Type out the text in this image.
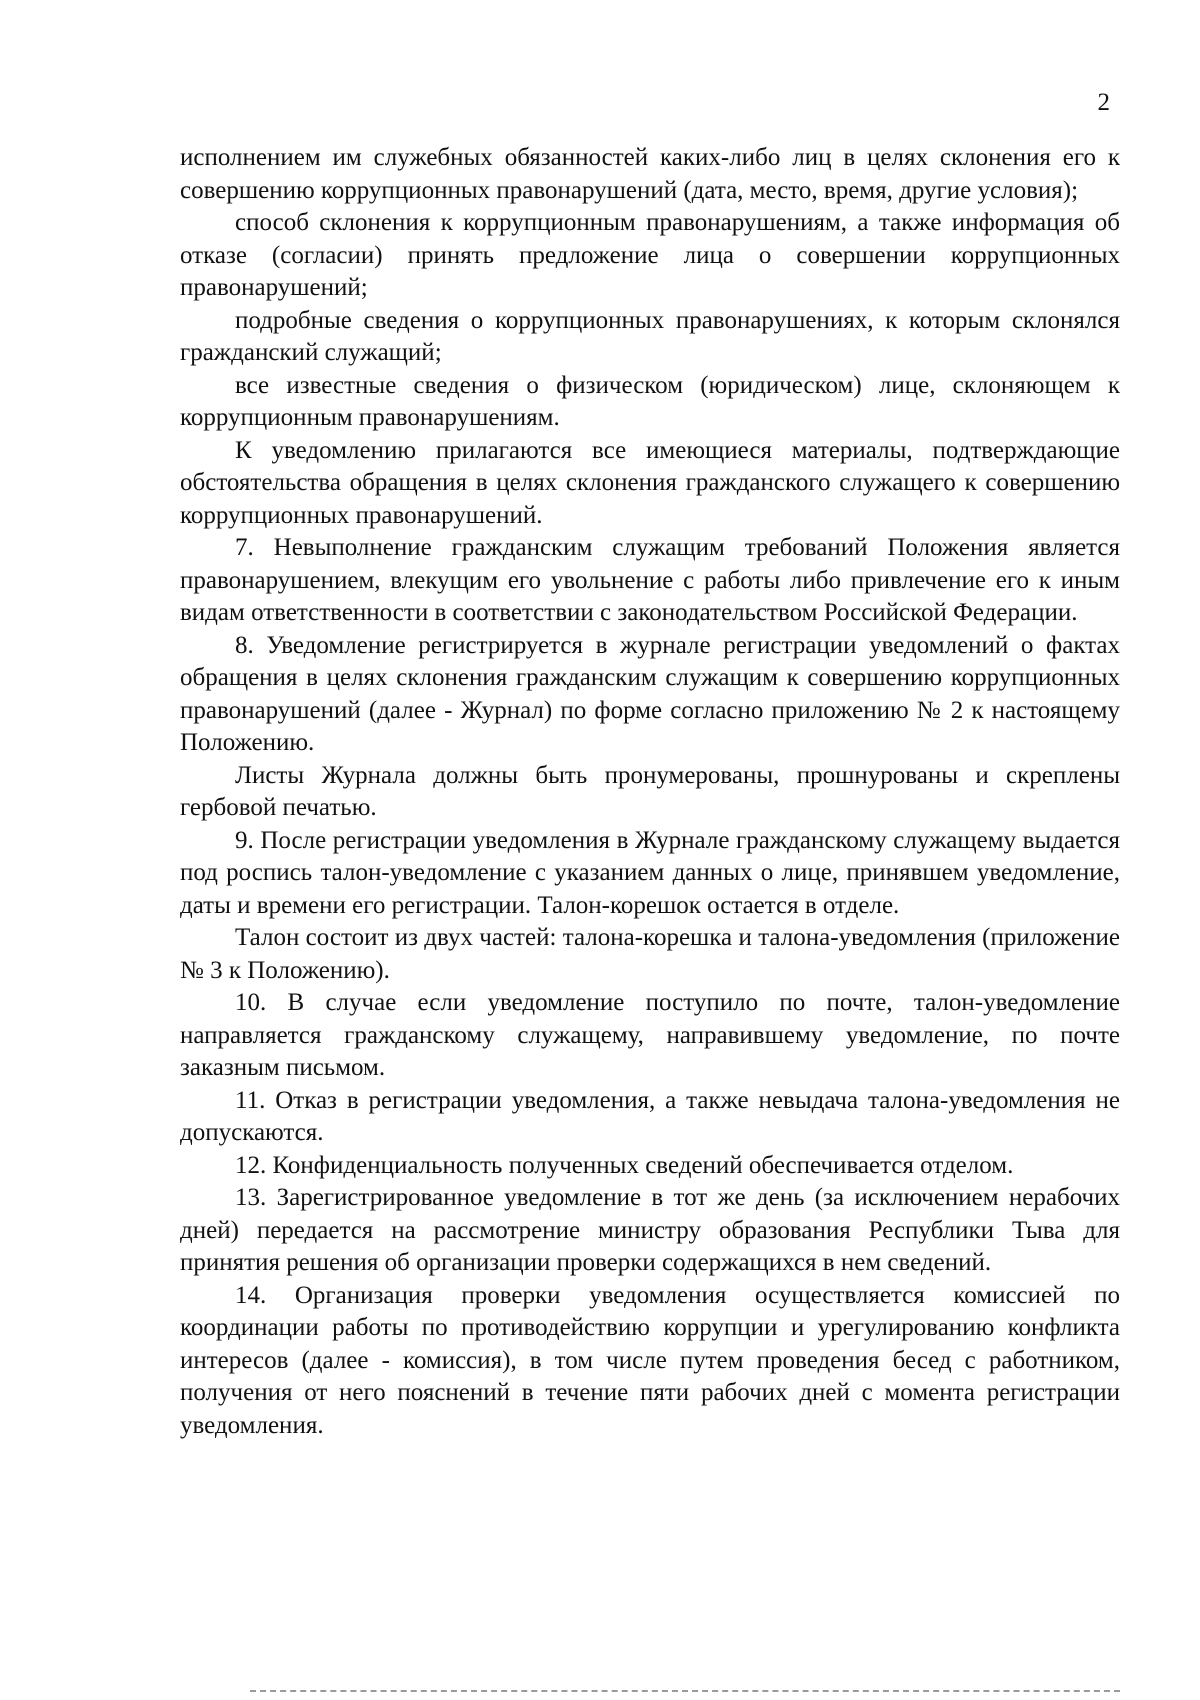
2

исполнением им служебных обязанностей каких-либо лиц в целях склонения его к совершению коррупционных правонарушений (дата, место, время, другие условия);

способ склонения к коррупционным правонарушениям, а также информация об отказе (согласии) принять предложение лица о совершении коррупционных правонарушений;

подробные сведения о коррупционных правонарушениях, к которым склонялся гражданский служащий;

все известные сведения о физическом (юридическом) лице, склоняющем к коррупционным правонарушениям.

К уведомлению прилагаются все имеющиеся материалы, подтверждающие обстоятельства обращения в целях склонения гражданского служащего к совершению коррупционных правонарушений.

7. Невыполнение гражданским служащим требований Положения является правонарушением, влекущим его увольнение с работы либо привлечение его к иным видам ответственности в соответствии с законодательством Российской Федерации.

8. Уведомление регистрируется в журнале регистрации уведомлений о фактах обращения в целях склонения гражданским служащим к совершению коррупционных правонарушений (далее - Журнал) по форме согласно приложению № 2 к настоящему Положению.

Листы Журнала должны быть пронумерованы, прошнурованы и скреплены гербовой печатью.

9. После регистрации уведомления в Журнале гражданскому служащему выдается под роспись талон-уведомление с указанием данных о лице, принявшем уведомление, даты и времени его регистрации. Талон-корешок остается в отделе.

Талон состоит из двух частей: талона-корешка и талона-уведомления (приложение № 3 к Положению).

10. В случае если уведомление поступило по почте, талон-уведомление направляется гражданскому служащему, направившему уведомление, по почте заказным письмом.

11. Отказ в регистрации уведомления, а также невыдача талона-уведомления не допускаются.

12. Конфиденциальность полученных сведений обеспечивается отделом.

13. Зарегистрированное уведомление в тот же день (за исключением нерабочих дней) передается на рассмотрение министру образования Республики Тыва для принятия решения об организации проверки содержащихся в нем сведений.

14. Организация проверки уведомления осуществляется комиссией по координации работы по противодействию коррупции и урегулированию конфликта интересов (далее - комиссия), в том числе путем проведения бесед с работником, получения от него пояснений в течение пяти рабочих дней с момента регистрации уведомления.
